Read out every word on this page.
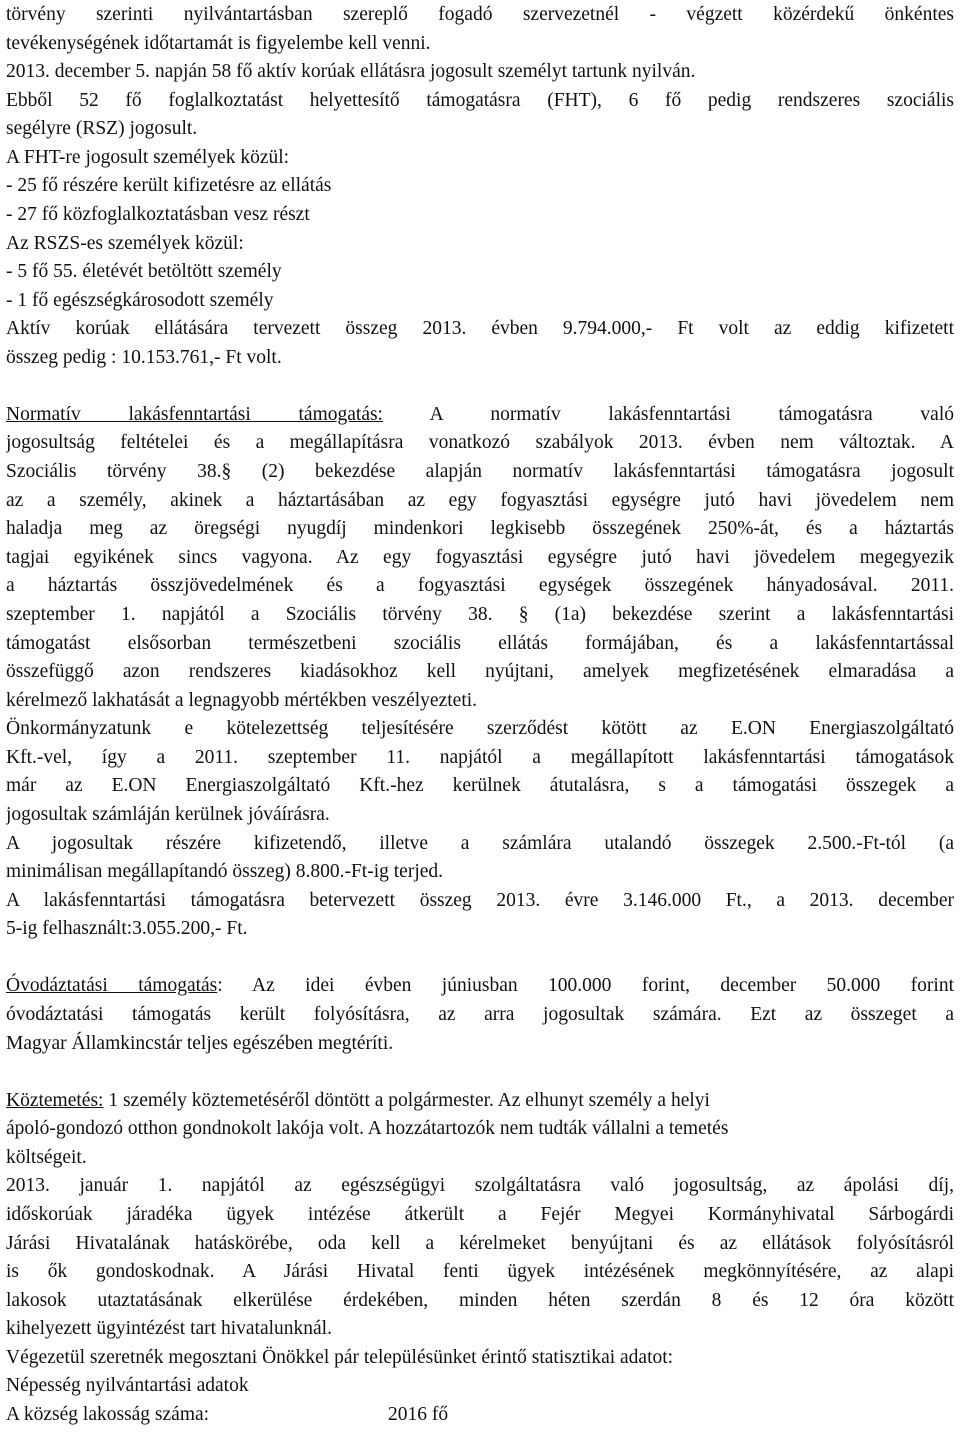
törvény szerinti nyilvántartásban szereplő fogadó szervezetnél - végzett közérdekű önkéntes
tevékenységének időtartamát is figyelembe kell venni.
2013. december 5. napján 58 fő aktív korúak ellátásra jogosult személyt tartunk nyilván.
Ebből 52 fő foglalkoztatást helyettesítő támogatásra (FHT), 6 fő pedig rendszeres szociális
segélyre (RSZ) jogosult.
A FHT-re jogosult személyek közül:
- 25 fő részére került kifizetésre az ellátás
- 27 fő közfoglalkoztatásban vesz részt
Az RSZS-es személyek közül:
- 5 fő 55. életévét betöltött személy
- 1 fő egészségkárosodott személy
Aktív korúak ellátására tervezett összeg 2013. évben 9.794.000,- Ft volt az eddig kifizetett
összeg pedig : 10.153.761,- Ft volt.
Normatív lakásfenntartási támogatás: A normatív lakásfenntartási támogatásra való
jogosultság feltételei és a megállapításra vonatkozó szabályok 2013. évben nem változtak. A
Szociális törvény 38.§ (2) bekezdése alapján normatív lakásfenntartási támogatásra jogosult
az a személy, akinek a háztartásában az egy fogyasztási egységre jutó havi jövedelem nem
haladja meg az öregségi nyugdíj mindenkori legkisebb összegének 250%-át, és a háztartás
tagjai egyikének sincs vagyona. Az egy fogyasztási egységre jutó havi jövedelem megegyezik
a háztartás összjövedelmének és a fogyasztási egységek összegének hányadosával. 2011.
szeptember 1. napjától a Szociális törvény 38. § (1a) bekezdése szerint a lakásfenntartási
támogatást elsősorban természetbeni szociális ellátás formájában, és a lakásfenntartással
összefüggő azon rendszeres kiadásokhoz kell nyújtani, amelyek megfizetésének elmaradása a
kérelmező lakhatását a legnagyobb mértékben veszélyezteti.
Önkormányzatunk e kötelezettség teljesítésére szerződést kötött az E.ON Energiaszolgáltató
Kft.-vel, így a 2011. szeptember 11. napjától a megállapított lakásfenntartási támogatások
már az E.ON Energiaszolgáltató Kft.-hez kerülnek átutalásra, s a támogatási összegek a
jogosultak számláján kerülnek jóváírásra.
A jogosultak részére kifizetendő, illetve a számlára utalandó összegek 2.500.-Ft-tól (a
minimálisan megállapítandó összeg) 8.800.-Ft-ig terjed.
A lakásfenntartási támogatásra betervezett összeg 2013. évre 3.146.000 Ft., a 2013. december
5-ig felhasznált:3.055.200,- Ft.
Óvodáztatási támogatás: Az idei évben júniusban 100.000 forint, december 50.000 forint
óvodáztatási támogatás került folyósításra, az arra jogosultak számára. Ezt az összeget a
Magyar Államkincstár teljes egészében megtéríti.
Köztemetés: 1 személy köztemetéséről döntött a polgármester. Az elhunyt személy a helyi
ápoló-gondozó otthon gondnokolt lakója volt. A hozzátartozók nem tudták vállalni a temetés
költségeit.
2013. január 1. napjától az egészségügyi szolgáltatásra való jogosultság, az ápolási díj,
időskorúak járadéka ügyek intézése átkerült a Fejér Megyei Kormányhivatal Sárbogárdi
Járási Hivatalának hatáskörébe, oda kell a kérelmeket benyújtani és az ellátások folyósításról
is ők gondoskodnak. A Járási Hivatal fenti ügyek intézésének megkönnyítésére, az alapi
lakosok utaztatásának elkerülése érdekében, minden héten szerdán 8 és 12 óra között
kihelyezett ügyintézést tart hivatalunknál.
Végezetül szeretnék megosztani Önökkel pár településünket érintő statisztikai adatot:
Népesség nyilvántartási adatok
A község lakosság száma:	2016 fő
